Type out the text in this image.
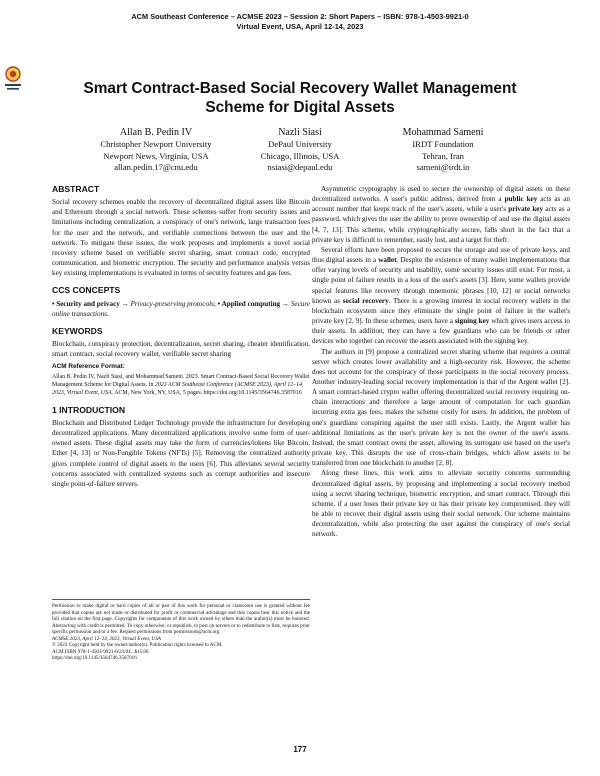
ACM Southeast Conference – ACMSE 2023 – Session 2: Short Papers – ISBN: 978-1-4503-9921-0
Virtual Event, USA, April 12-14, 2023
Smart Contract-Based Social Recovery Wallet Management Scheme for Digital Assets
Allan B. Pedin IV
Christopher Newport University
Newport News, Virginia, USA
allan.pedin.17@cnu.edu
Nazli Siasi
DePaul University
Chicago, Illinois, USA
nsiasi@depaul.edu
Mohammad Sameni
IRDT Foundation
Tehran, Iran
sameni@irdt.io
ABSTRACT

Social recovery schemes enable the recovery of decentralized digital assets like Bitcoin and Ethereum through a social network. These schemes suffer from security issues and limitations including centralization, a conspiracy of one's network, large transaction fees for the user and the network, and verifiable connections between the user and the network. To mitigate these issues, the work proposes and implements a novel social recovery scheme based on verifiable secret sharing, smart contract code, encrypted communication, and biometric encryption. The security and performance analysis versus key existing implementations is evaluated in terms of security features and gas fees.

CCS CONCEPTS

• Security and privacy → Privacy-preserving protocols; • Applied computing → Secure online transactions.

KEYWORDS

Blockchain, conspiracy protection, decentralization, secret sharing, cheater identification, smart contract, social recovery wallet, verifiable secret sharing

ACM Reference Format:

Allan B. Pedin IV, Nazli Siasi, and Mohammad Sameni. 2023. Smart Contract-Based Social Recovery Wallet Management Scheme for Digital Assets. In 2023 ACM Southeast Conference (ACMSE 2023), April 12–14, 2023, Virtual Event, USA. ACM, New York, NY, USA, 5 pages. https://doi.org/10.1145/3564746.3587016

1 INTRODUCTION

Blockchain and Distributed Ledger Technology provide the infrastructure for developing decentralized applications. Many decentralized applications involve some form of user-owned assets. These digital assets may take the form of currencies/tokens like Bitcoin, Ether [4, 13] or Non-Fungible Tokens (NFTs) [5]. Removing the centralized authority gives complete control of digital assets to the users [6]. This alleviates several security concerns associated with centralized systems such as corrupt authorities and insecure single point-of-failure servers.

Permission to make digital or hard copies of all or part of this work for personal or classroom use is granted without fee provided that copies are not made or distributed for profit or commercial advantage and that copies bear this notice and the full citation on the first page. Copyrights for components of this work owned by others than the author(s) must be honored. Abstracting with credit is permitted. To copy otherwise, or republish, to post on servers or to redistribute to lists, requires prior specific permission and/or a fee. Request permissions from permissions@acm.org.

ACMSE 2023, April 12–14, 2023, Virtual Event, USA

© 2023 Copyright held by the owner/author(s). Publication rights licensed to ACM.

ACM ISBN 978-1-4503-9921-0/23/04...$15.00

https://doi.org/10.1145/3564746.3587016

Asymmetric cryptography is used to secure the ownership of digital assets on these decentralized networks. A user's public address, derived from a public key acts as an account number that keeps track of the user's assets, while a user's private key acts as a password, which gives the user the ability to prove ownership of and use the digital assets [4, 7, 13]. This scheme, while cryptographically secure, falls short in the fact that a private key is difficult to remember, easily lost, and a target for theft.

Several efforts have been proposed to secure the storage and use of private keys, and thus digital assets in a wallet. Despite the existence of many wallet implementations that offer varying levels of security and usability, some security issues still exist. For most, a single point of failure results in a loss of the user's assets [3]. Here, some wallets provide special features like recovery through mnemonic phrases [10, 12] or social networks known as social recovery. There is a growing interest in social recovery wallets in the blockchain ecosystem since they eliminate the single point of failure in the wallet's private key [2, 9]. In these schemes, users have a signing key which gives users access to their assets. In addition, they can have a few guardians who can be friends or other devices who together can recover the assets associated with the signing key.

The authors in [9] propose a centralized secret sharing scheme that requires a central server which creates lower availability and a high-security risk. However, the scheme does not account for the conspiracy of those participants in the social recovery process. Another industry-leading social recovery implementation is that of the Argent wallet [2]. A smart contract-based crypto wallet offering decentralized social recovery requiring on-chain interactions and therefore a large amount of computation for each guardian incurring extra gas fees, makes the scheme costly for users. In addition, the problem of one's guardians conspiring against the user still exists. Lastly, the Argent wallet has additional limitations as the user's private key is not the owner of the user's assets. Instead, the smart contract owns the asset, allowing its surrogate use based on the user's private key. This disrupts the use of cross-chain bridges, which allow assets to be transferred from one blockchain to another [2, 8].

Along these lines, this work aims to alleviate security concerns surrounding decentralized digital assets, by proposing and implementing a social recovery method using a secret sharing technique, biometric encryption, and smart contract. Through this scheme, if a user loses their private key or has their private key compromised, they will be able to recover their digital assets using their social network. Our scheme maintains decentralization, while also protecting the user against the conspiracy of one's social network.

177
